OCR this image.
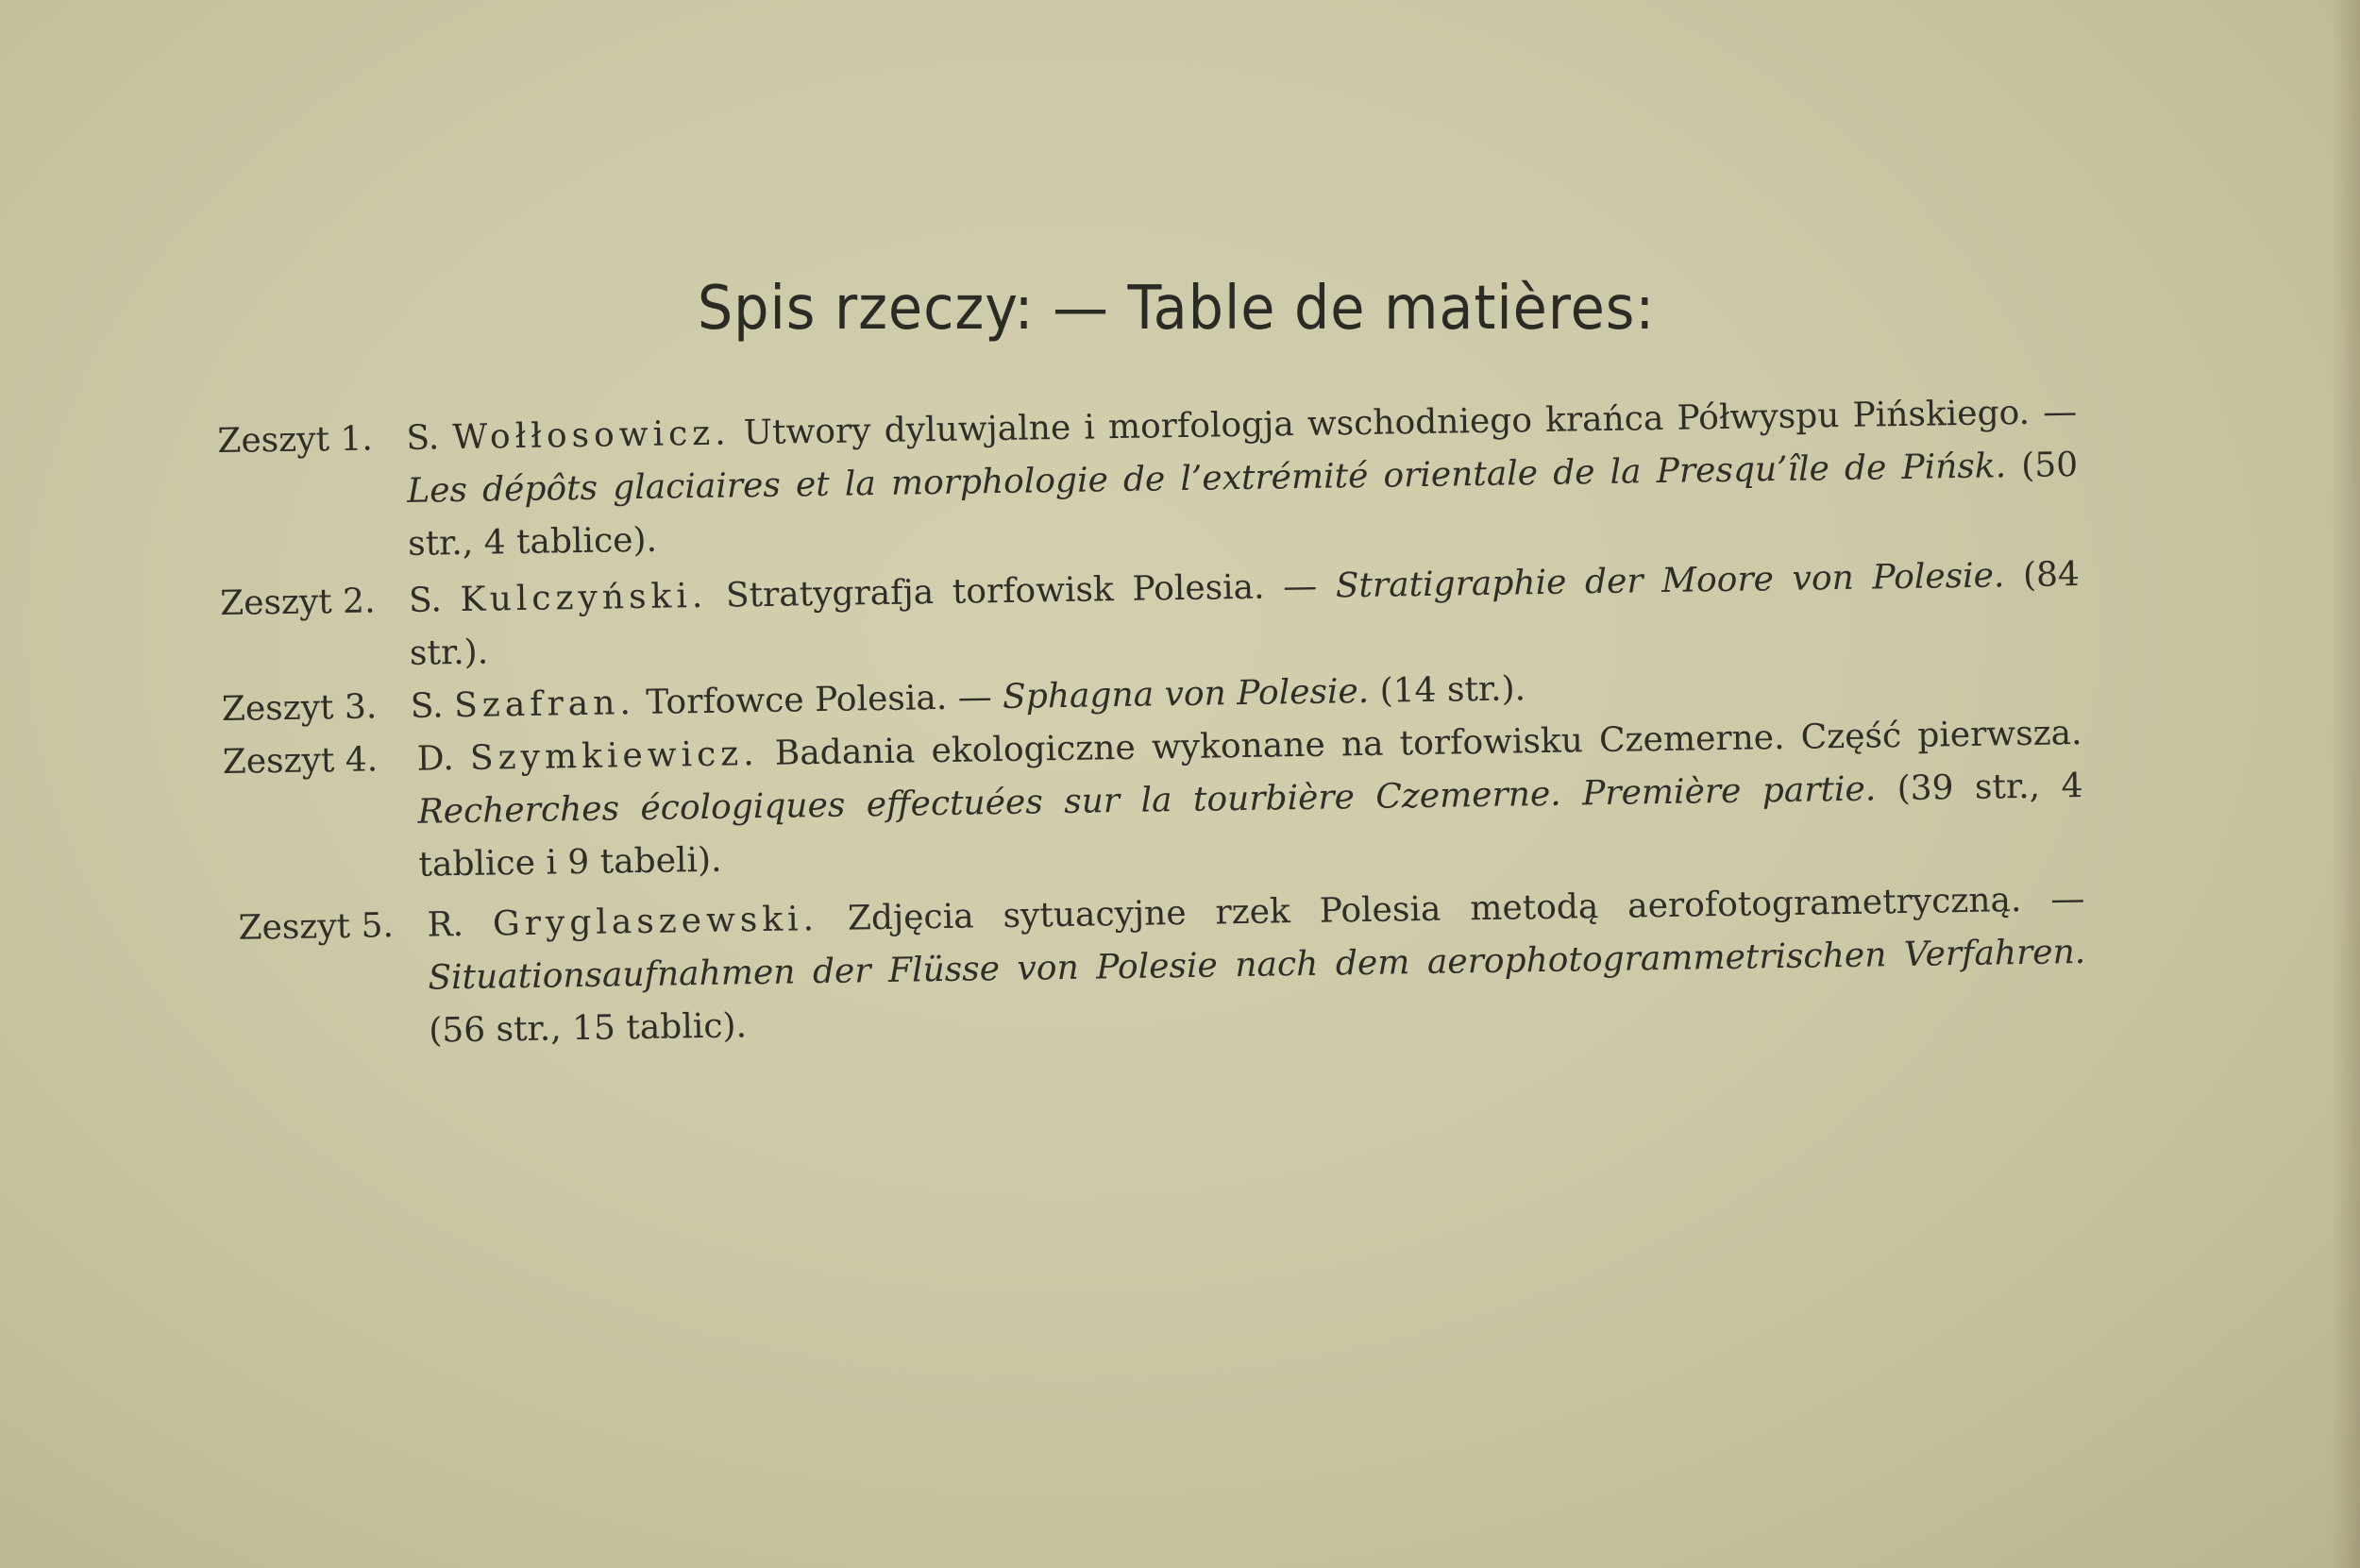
Spis rzeczy: — Table de matières:
Zeszyt 1. S. Wołłosowicz. Utwory dyluwjalne i morfologja wschodniego krańca Półwyspu Pińskiego. — Les dépôts glaciaires et la morphologie de l’extrémité orientale de la Presqu’île de Pińsk. (50 str., 4 tablice).
Zeszyt 2. S. Kulczyński. Stratygrafja torfowisk Polesia. — Stratigraphie der Moore von Polesie. (84 str.).
Zeszyt 3. S. Szafran. Torfowce Polesia. — Sphagna von Polesie. (14 str.).
Zeszyt 4.	D. Szymkiewicz. Badania ekologiczne wykonane na torfowisku Czemerne. Część pierwsza. Recherches écologiques effectuées sur la tourbière Czemerne. Première partie. (39 str., 4 tablice i 9 tabeli).
Zeszyt 5. R. Gryglaszewski. Zdjęcia sytuacyjne rzek Polesia metodą aerofotogrametryczną. — Situationsaufnahmen der Flüsse von Polesie nach dem aerophotogrammetrischen Verfahren. (56 str., 15 tablic).
